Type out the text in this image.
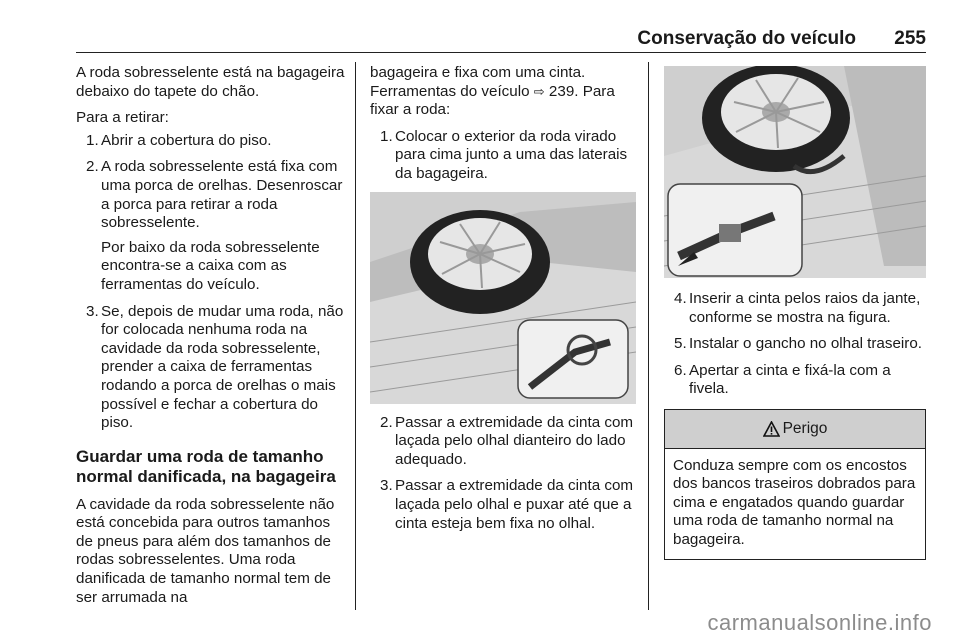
Conservação do veículo 255

A roda sobresselente está na bagageira debaixo do tapete do chão.

Para a retirar:

1. Abrir a cobertura do piso.
2. A roda sobresselente está fixa com uma porca de orelhas. Desenroscar a porca para retirar a roda sobresselente.
Por baixo da roda sobresselente encontra-se a caixa com as ferramentas do veículo.
3. Se, depois de mudar uma roda, não for colocada nenhuma roda na cavidade da roda sobresselente, prender a caixa de ferramentas rodando a porca de orelhas o mais possível e fechar a cobertura do piso.
Guardar uma roda de tamanho normal danificada, na bagageira

A cavidade da roda sobresselente não está concebida para outros tamanhos de pneus para além dos tamanhos de rodas sobresselentes. Uma roda danificada de tamanho normal tem de ser arrumada na

bagageira e fixa com uma cinta. Ferramentas do veículo ⇨ 239. Para fixar a roda:

1. Colocar o exterior da roda virado para cima junto a uma das laterais da bagageira.
2. Passar a extremidade da cinta com laçada pelo olhal dianteiro do lado adequado.
3. Passar a extremidade da cinta com laçada pelo olhal e puxar até que a cinta esteja bem fixa no olhal.
4. Inserir a cinta pelos raios da jante, conforme se mostra na figura.
5. Instalar o gancho no olhal traseiro.
6. Apertar a cinta e fixá-la com a fivela.
Perigo
Conduza sempre com os encostos dos bancos traseiros dobrados para cima e engatados quando guardar uma roda de tamanho normal na bagageira.
carmanualsonline.info
